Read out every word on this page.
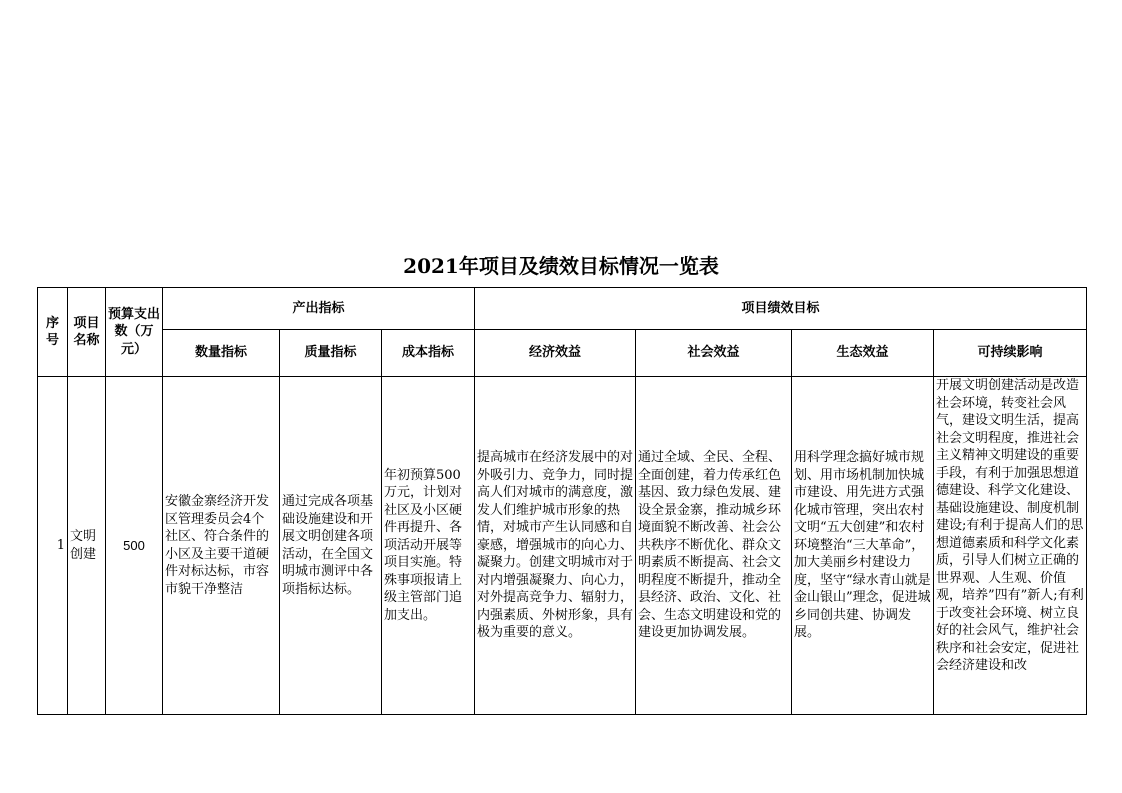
2021年项目及绩效目标情况一览表
序号	项目名称	预算支出数（万元）	产出指标			项目绩效目标			
			数量指标	质量指标	成本指标	经济效益	社会效益	生态效益	可持续影响
1	文明创建	500	安徽金寨经济开发区管理委员会4个社区、符合条件的小区及主要干道硬件对标达标，市容市貌干净整洁	通过完成各项基础设施建设和开展文明创建各项活动，在全国文明城市测评中各项指标达标。	年初预算500万元，计划对社区及小区硬件再提升、各项活动开展等项目实施。特殊事项报请上级主管部门追加支出。	提高城市在经济发展中的对外吸引力、竞争力，同时提高人们对城市的满意度，激发人们维护城市形象的热情，对城市产生认同感和自豪感，增强城市的向心力、凝聚力。创建文明城市对于对内增强凝聚力、向心力，对外提高竞争力、辐射力，内强素质、外树形象，具有极为重要的意义。	通过全域、全民、全程、全面创建，着力传承红色基因、致力绿色发展、建设全景金寨，推动城乡环境面貌不断改善、社会公共秩序不断优化、群众文明素质不断提高、社会文明程度不断提升，推动全县经济、政治、文化、社会、生态文明建设和党的建设更加协调发展。	用科学理念搞好城市规划、用市场机制加快城市建设、用先进方式强化城市管理，突出农村文明“五大创建”和农村环境整治“三大革命”，加大美丽乡村建设力度，坚守“绿水青山就是金山银山”理念，促进城乡同创共建、协调发展。	开展文明创建活动是改造社会环境，转变社会风气，建设文明生活，提高社会文明程度，推进社会主义精神文明建设的重要手段，有利于加强思想道德建设、科学文化建设、基础设施建设、制度机制建设;有利于提高人们的思想道德素质和科学文化素质，引导人们树立正确的世界观、人生观、价值观，培养”四有”新人;有利于改变社会环境、树立良好的社会风气，维护社会秩序和社会安定，促进社会经济建设和改
